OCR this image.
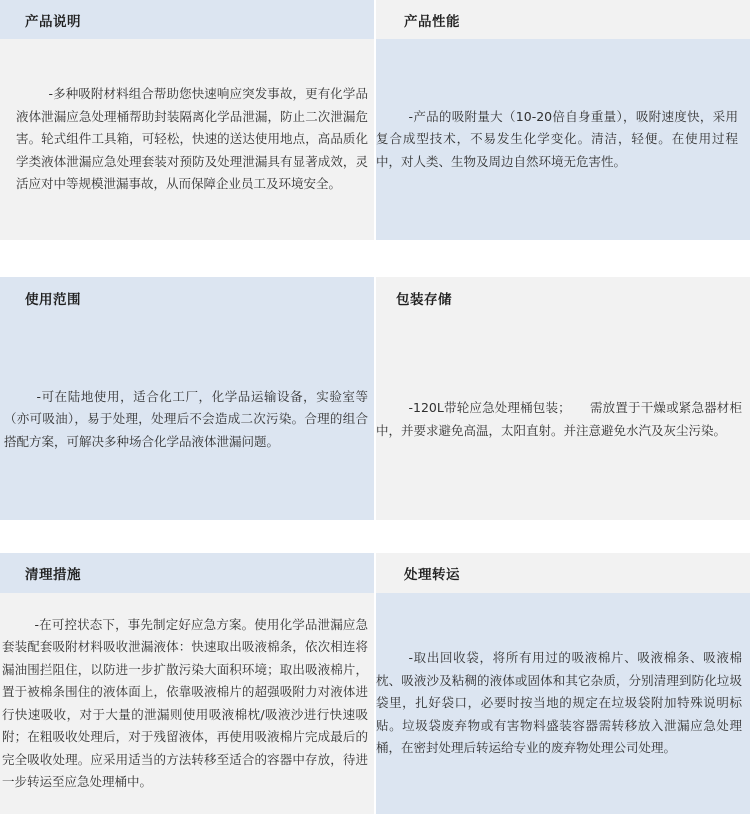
产品说明	产品性能

-多种吸附材料组合帮助您快速响应突发事故，更有化学品液体泄漏应急处理桶帮助封装隔离化学品泄漏，防止二次泄漏危害。轮式组件工具箱，可轻松，快速的送达使用地点，高品质化学类液体泄漏应急处理套装对预防及处理泄漏具有显著成效，灵活应对中等规模泄漏事故，从而保障企业员工及环境安全。

-产品的吸附量大（10-20倍自身重量），吸附速度快，采用复合成型技术，不易发生化学变化。清洁，轻便。在使用过程中，对人类、生物及周边自然环境无危害性。

使用范围	包装存储

-可在陆地使用，适合化工厂，化学品运输设备，实验室等（亦可吸油），易于处理，处理后不会造成二次污染。合理的组合搭配方案，可解决多种场合化学品液体泄漏问题。

-120L带轮应急处理桶包装；　　需放置于干燥或紧急器材柜中，并要求避免高温，太阳直射。并注意避免水汽及灰尘污染。

清理措施	处理转运

-在可控状态下，事先制定好应急方案。使用化学品泄漏应急套装配套吸附材料吸收泄漏液体：快速取出吸液棉条，依次相连将漏油围拦阻住，以防进一步扩散污染大面积环境；取出吸液棉片，置于被棉条围住的液体面上，依靠吸液棉片的超强吸附力对液体进行快速吸收，对于大量的泄漏则使用吸液棉枕/吸液沙进行快速吸附；在粗吸收处理后，对于残留液体，再使用吸液棉片完成最后的完全吸收处理。应采用适当的方法转移至适合的容器中存放，待进一步转运至应急处理桶中。

-取出回收袋，将所有用过的吸液棉片、吸液棉条、吸液棉枕、吸液沙及粘稠的液体或固体和其它杂质，分别清理到防化垃圾袋里，扎好袋口，必要时按当地的规定在垃圾袋附加特殊说明标贴。垃圾袋废弃物或有害物料盛装容器需转移放入泄漏应急处理桶，在密封处理后转运给专业的废弃物处理公司处理。
